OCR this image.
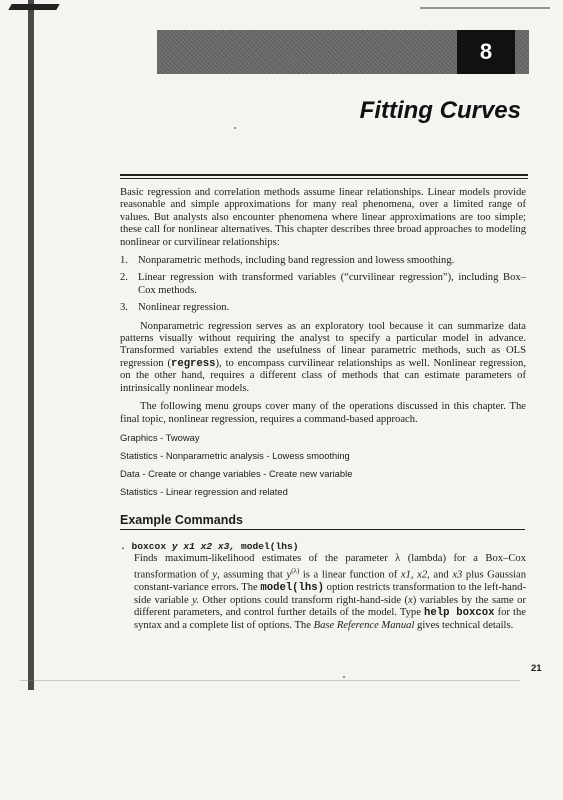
8
Fitting Curves

Basic regression and correlation methods assume linear relationships. Linear models provide reasonable and simple approximations for many real phenomena, over a limited range of values. But analysts also encounter phenomena where linear approximations are too simple; these call for nonlinear alternatives. This chapter describes three broad approaches to modeling nonlinear or curvilinear relationships:

1. Nonparametric methods, including band regression and lowess smoothing.
2. Linear regression with transformed variables (“curvilinear regression”), including Box–Cox methods.
3. Nonlinear regression.

Nonparametric regression serves as an exploratory tool because it can summarize data patterns visually without requiring the analyst to specify a particular model in advance. Transformed variables extend the usefulness of linear parametric methods, such as OLS regression (regress), to encompass curvilinear relationships as well. Nonlinear regression, on the other hand, requires a different class of methods that can estimate parameters of intrinsically nonlinear models.

The following menu groups cover many of the operations discussed in this chapter. The final topic, nonlinear regression, requires a command-based approach.

Graphics - Twoway

Statistics - Nonparametric analysis - Lowess smoothing

Data - Create or change variables - Create new variable

Statistics - Linear regression and related

Example Commands
. boxcox y x1 x2 x3, model(lhs)
Finds maximum-likelihood estimates of the parameter λ (lambda) for a Box–Cox transformation of y, assuming that $y^{(\lambda)}$ is a linear function of x1, x2, and x3 plus Gaussian constant-variance errors. The model(lhs) option restricts transformation to the left-hand-side variable y. Other options could transform right-hand-side (x) variables by the same or different parameters, and control further details of the model. Type help boxcox for the syntax and a complete list of options. The Base Reference Manual gives technical details.
21
